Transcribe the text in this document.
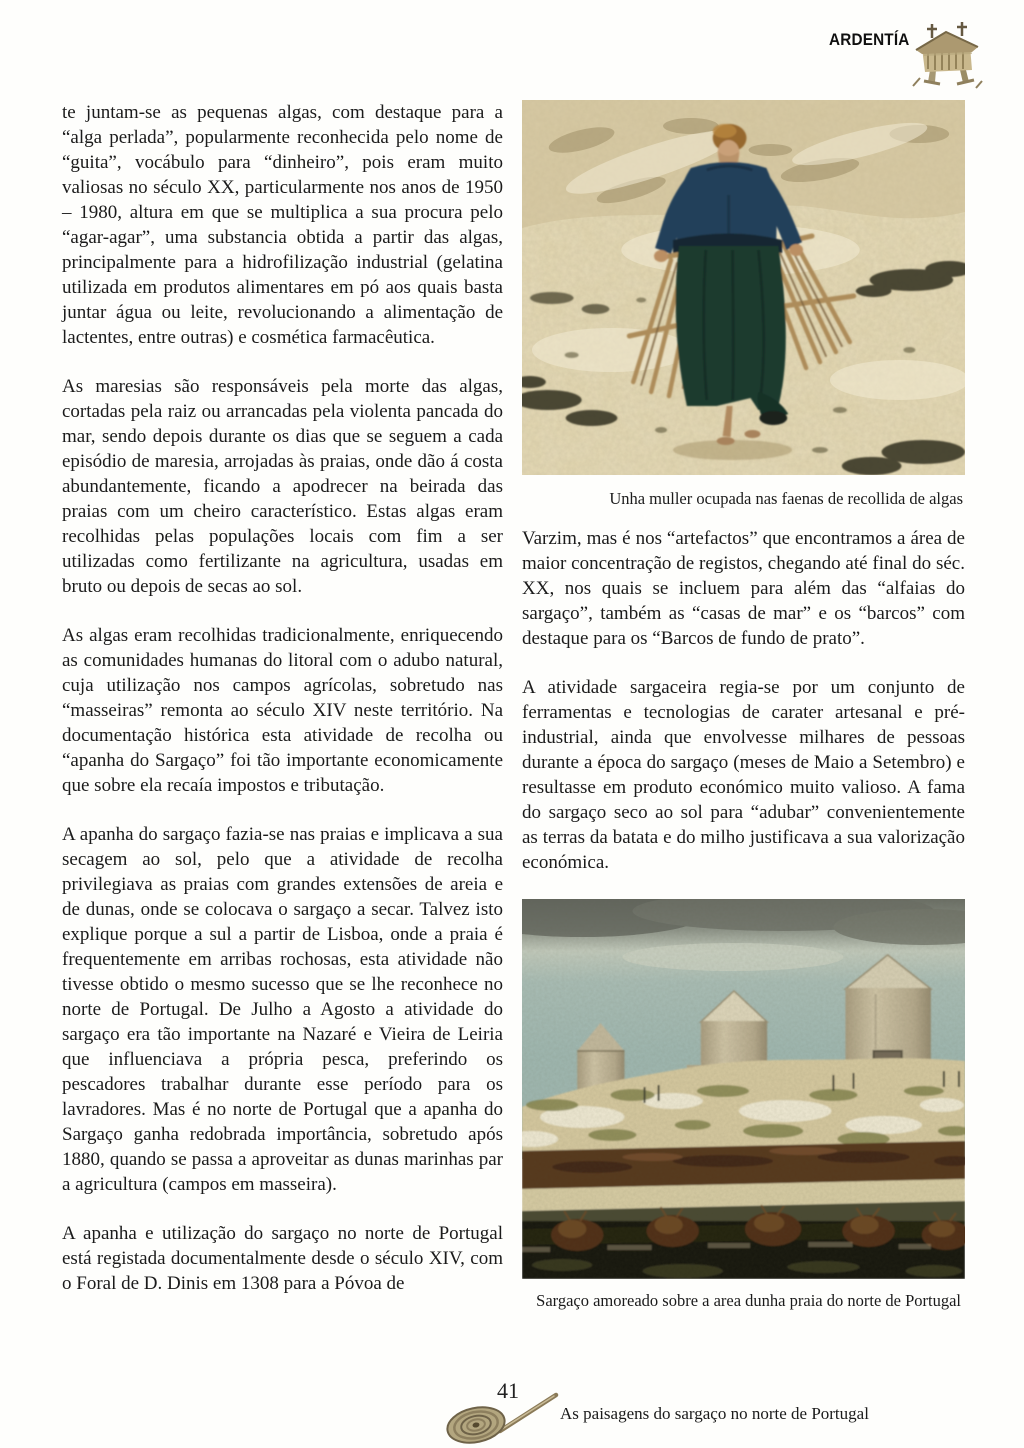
ARDENTÍA

te juntam-se as pequenas algas, com destaque para a “alga perlada”, popularmente reconhecida pelo nome de “guita”, vocábulo para “dinheiro”, pois eram muito valiosas no século XX, particularmente nos anos de 1950 – 1980, altura em que se multiplica a sua procura pelo “agar-agar”, uma substancia obtida a partir das algas, principalmente para a hidrofilização industrial (gelatina utilizada em produtos alimentares em pó aos quais basta juntar água ou leite, revolucionando a alimentação de lactentes, entre outras) e cosmética farmacêutica.

As maresias são responsáveis pela morte das algas, cortadas pela raiz ou arrancadas pela violenta pancada do mar, sendo depois durante os dias que se seguem a cada episódio de maresia, arrojadas às praias, onde dão á costa abundantemente, ficando a apodrecer na beirada das praias com um cheiro característico. Estas algas eram recolhidas pelas populações locais com fim a ser utilizadas como fertilizante na agricultura, usadas em bruto ou depois de secas ao sol.

As algas eram recolhidas tradicionalmente, enriquecendo as comunidades humanas do litoral com o adubo natural, cuja utilização nos campos agrícolas, sobretudo nas “masseiras” remonta ao século XIV neste território. Na documentação histórica esta atividade de recolha ou “apanha do Sargaço” foi tão importante economicamente que sobre ela recaía impostos e tributação.

A apanha do sargaço fazia-se nas praias e implicava a sua secagem ao sol, pelo que a atividade de recolha privilegiava as praias com grandes extensões de areia e de dunas, onde se colocava o sargaço a secar. Talvez isto explique porque a sul a partir de Lisboa, onde a praia é frequentemente em arribas rochosas, esta atividade não tivesse obtido o mesmo sucesso que se lhe reconhece no norte de Portugal. De Julho a Agosto a atividade do sargaço era tão importante na Nazaré e Vieira de Leiria que influenciava a própria pesca, preferindo os pescadores trabalhar durante esse período para os lavradores. Mas é no norte de Portugal que a apanha do Sargaço ganha redobrada importância, sobretudo após 1880, quando se passa a aproveitar as dunas marinhas par a agricultura (campos em masseira).

A apanha e utilização do sargaço no norte de Portugal está registada documentalmente desde o século XIV, com o Foral de D. Dinis em 1308 para a Póvoa de

Unha muller ocupada nas faenas de recollida de algas

Varzim, mas é nos “artefactos” que encontramos a área de maior concentração de registos, chegando até final do séc. XX, nos quais se incluem para além das “alfaias do sargaço”, também as “casas de mar” e os “barcos” com destaque para os “Barcos de fundo de prato”.

A atividade sargaceira regia-se por um conjunto de ferramentas e tecnologias de carater artesanal e pré-industrial, ainda que envolvesse milhares de pessoas durante a época do sargaço (meses de Maio a Setembro) e resultasse em produto económico muito valioso. A fama do sargaço seco ao sol para “adubar” convenientemente as terras da batata e do milho justificava a sua valorização económica.

Sargaço amoreado sobre a area dunha praia do norte de Portugal
41
As paisagens do sargaço no norte de Portugal
